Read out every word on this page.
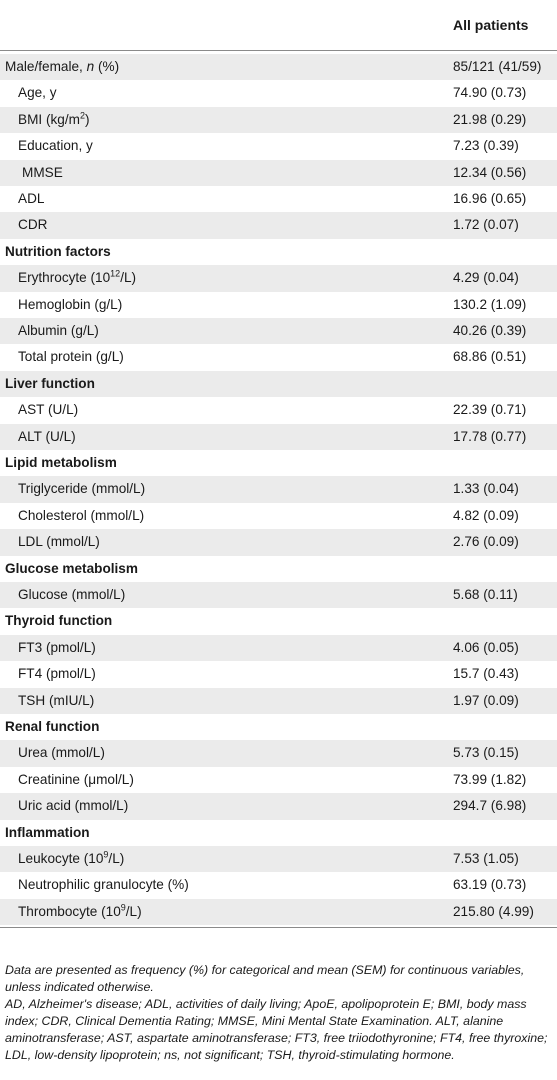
All patients
Male/female, n (%)	85/121 (41/59)
Age, y	74.90 (0.73)
BMI $(kg/m^2)$	21.98 (0.29)
Education, y	7.23 (0.39)
MMSE	12.34 (0.56)
ADL	16.96 (0.65)
CDR	1.72 (0.07)
Nutrition factors
Erythrocyte $(10^{12}/L)$	4.29 (0.04)
Hemoglobin (g/L)	130.2 (1.09)
Albumin (g/L)	40.26 (0.39)
Total protein (g/L)	68.86 (0.51)
Liver function
AST (U/L)	22.39 (0.71)
ALT (U/L)	17.78 (0.77)
Lipid metabolism
Triglyceride (mmol/L)	1.33 (0.04)
Cholesterol (mmol/L)	4.82 (0.09)
LDL (mmol/L)	2.76 (0.09)
Glucose metabolism
Glucose (mmol/L)	5.68 (0.11)
Thyroid function
FT3 (pmol/L)	4.06 (0.05)
FT4 (pmol/L)	15.7 (0.43)
TSH (mIU/L)	1.97 (0.09)
Renal function
Urea (mmol/L)	5.73 (0.15)
Creatinine (μmol/L)	73.99 (1.82)
Uric acid (mmol/L)	294.7 (6.98)
Inflammation
Leukocyte $(10^9/L)$	7.53 (1.05)
Neutrophilic granulocyte (%)	63.19 (0.73)
Thrombocyte $(10^9/L)$	215.80 (4.99)

Data are presented as frequency (%) for categorical and mean (SEM) for continuous variables, unless indicated otherwise.

AD, Alzheimer's disease; ADL, activities of daily living; ApoE, apolipoprotein E; BMI, body mass index; CDR, Clinical Dementia Rating; MMSE, Mini Mental State Examination. ALT, alanine aminotransferase; AST, aspartate aminotransferase; FT3, free triiodothyronine; FT4, free thyroxine; LDL, low-density lipoprotein; ns, not significant; TSH, thyroid-stimulating hormone.
